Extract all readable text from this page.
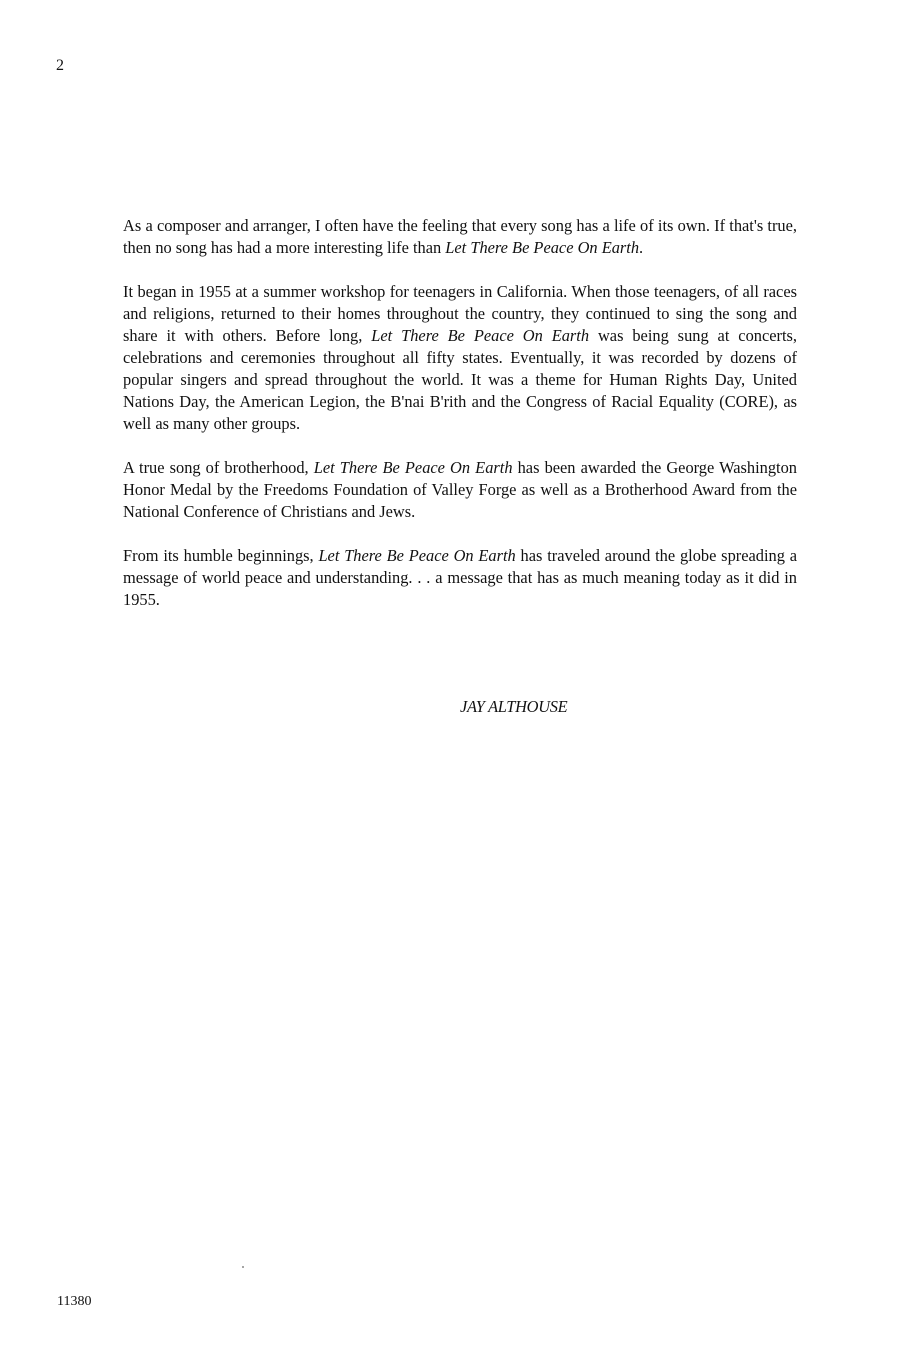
2

As a composer and arranger, I often have the feeling that every song has a life of its own. If that's true, then no song has had a more interesting life than Let There Be Peace On Earth.

It began in 1955 at a summer workshop for teenagers in California. When those teenagers, of all races and religions, returned to their homes throughout the country, they continued to sing the song and share it with others. Before long, Let There Be Peace On Earth was being sung at concerts, celebrations and ceremonies throughout all fifty states. Eventually, it was recorded by dozens of popular singers and spread throughout the world. It was a theme for Human Rights Day, United Nations Day, the American Legion, the B'nai B'rith and the Congress of Racial Equality (CORE), as well as many other groups.

A true song of brotherhood, Let There Be Peace On Earth has been awarded the George Washington Honor Medal by the Freedoms Foundation of Valley Forge as well as a Brotherhood Award from the National Conference of Christians and Jews.

From its humble beginnings, Let There Be Peace On Earth has traveled around the globe spreading a message of world peace and understanding. . . a message that has as much meaning today as it did in 1955.

JAY ALTHOUSE
11380
